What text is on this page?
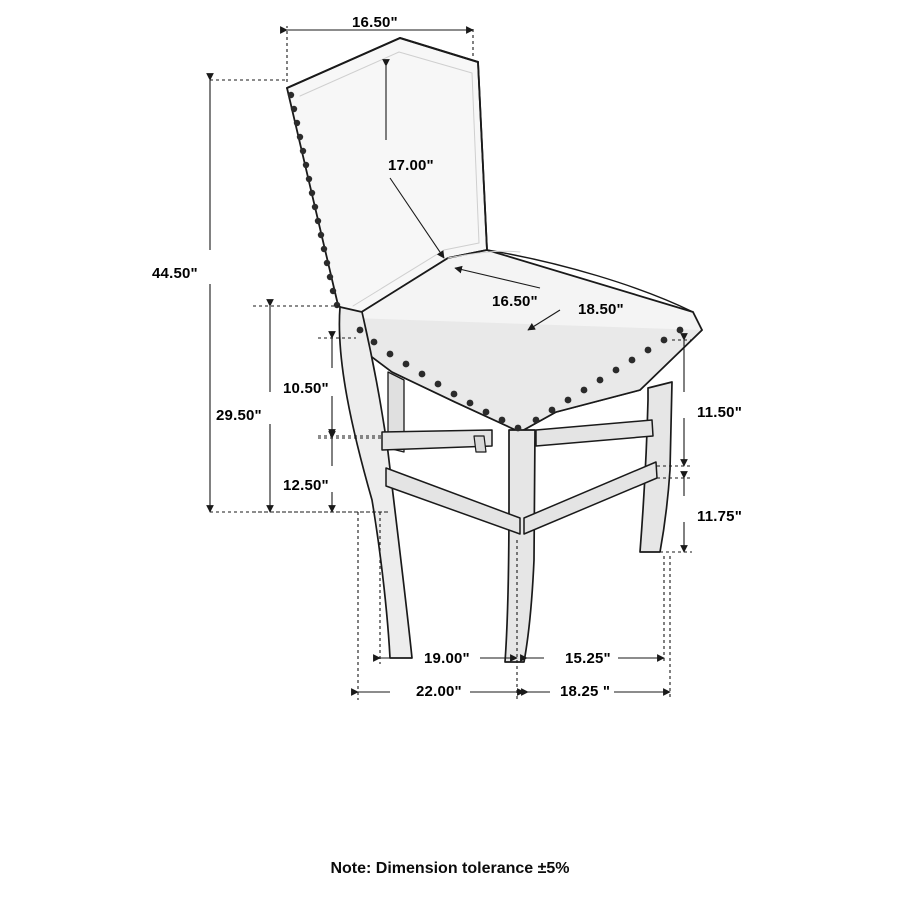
16.50"
17.00"
44.50"
16.50"	18.50"
10.50"
29.50"	11.50"
12.50"
11.75"
19.00"	15.25"
22.00"	18.25 "
Note: Dimension tolerance ±5%
